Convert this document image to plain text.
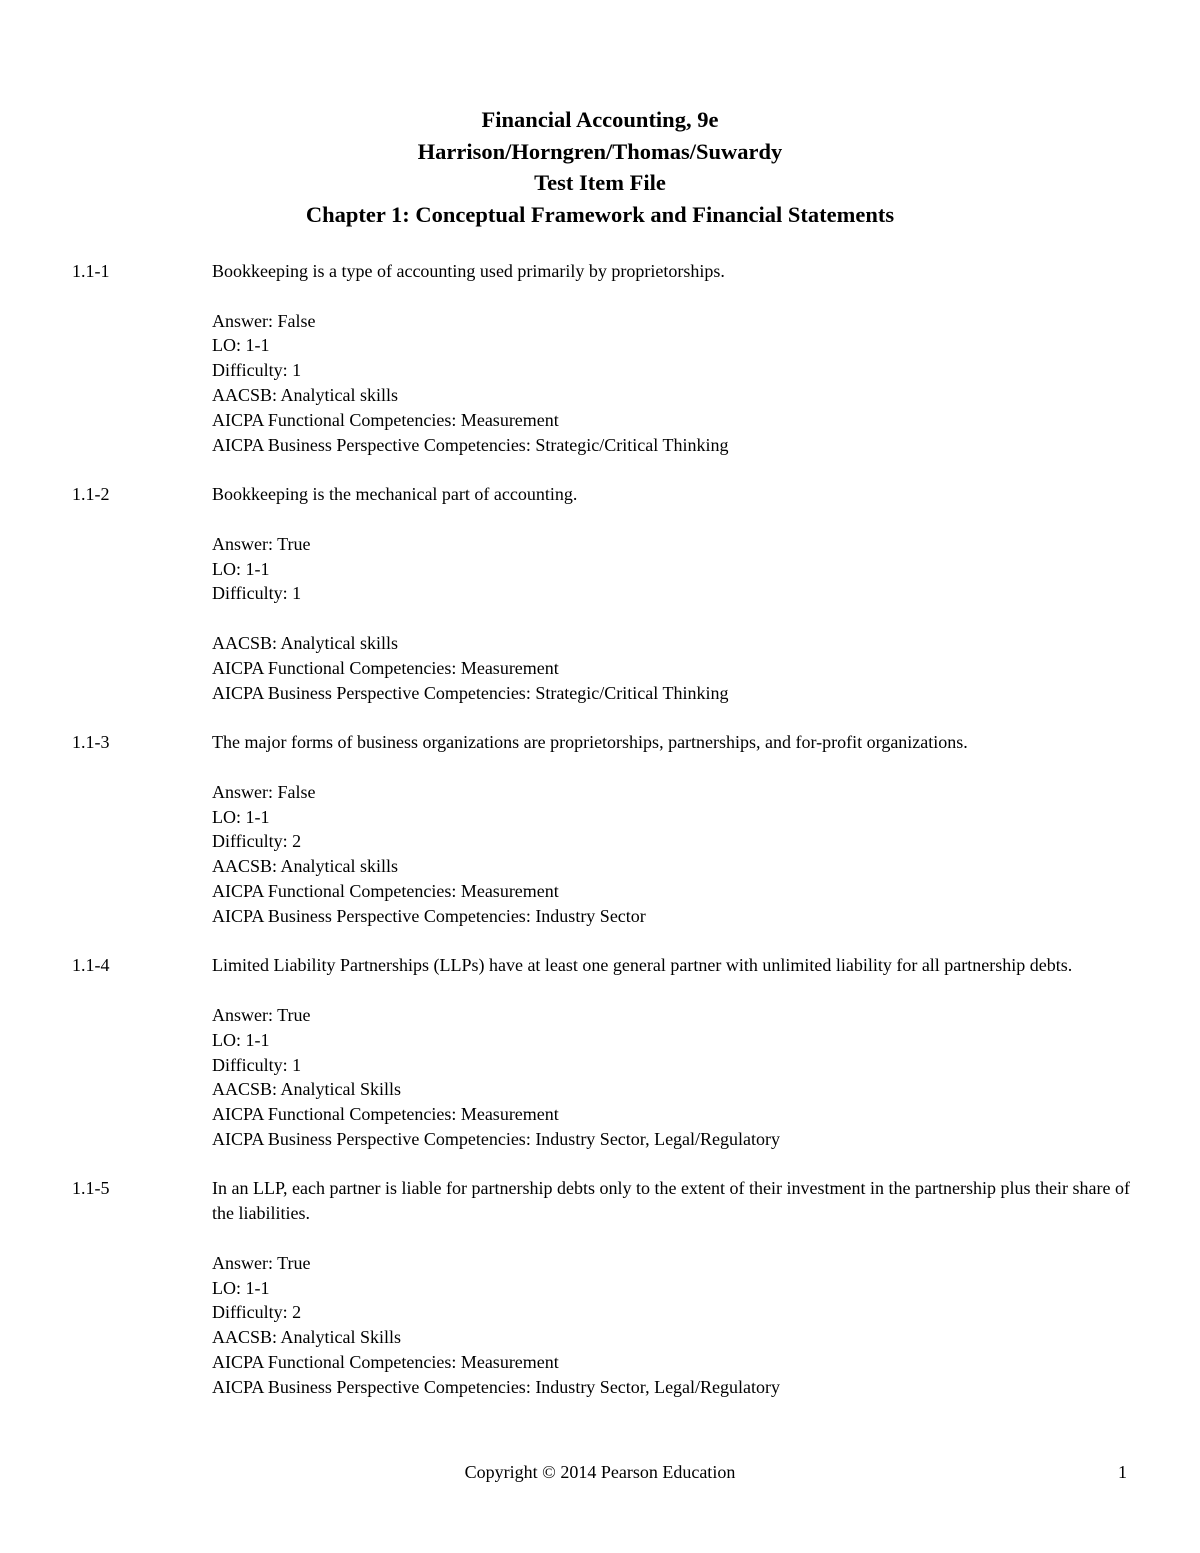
Financial Accounting, 9e
Harrison/Horngren/Thomas/Suwardy
Test Item File
Chapter 1: Conceptual Framework and Financial Statements
1.1-1	Bookkeeping is a type of accounting used primarily by proprietorships.
Answer: False
LO: 1-1
Difficulty: 1
AACSB: Analytical skills
AICPA Functional Competencies: Measurement
AICPA Business Perspective Competencies: Strategic/Critical Thinking
1.1-2	Bookkeeping is the mechanical part of accounting.
Answer: True
LO: 1-1
Difficulty: 1
AACSB: Analytical skills
AICPA Functional Competencies: Measurement
AICPA Business Perspective Competencies: Strategic/Critical Thinking
1.1-3	The major forms of business organizations are proprietorships, partnerships, and for-profit organizations.
Answer: False
LO: 1-1
Difficulty: 2
AACSB: Analytical skills
AICPA Functional Competencies: Measurement
AICPA Business Perspective Competencies: Industry Sector
1.1-4	Limited Liability Partnerships (LLPs) have at least one general partner with unlimited liability for all partnership debts.
Answer: True
LO: 1-1
Difficulty: 1
AACSB: Analytical Skills
AICPA Functional Competencies: Measurement
AICPA Business Perspective Competencies: Industry Sector, Legal/Regulatory
1.1-5	In an LLP, each partner is liable for partnership debts only to the extent of their investment in the partnership plus their share of the liabilities.
Answer: True
LO: 1-1
Difficulty: 2
AACSB: Analytical Skills
AICPA Functional Competencies: Measurement
AICPA Business Perspective Competencies: Industry Sector, Legal/Regulatory
Copyright © 2014 Pearson Education	1
